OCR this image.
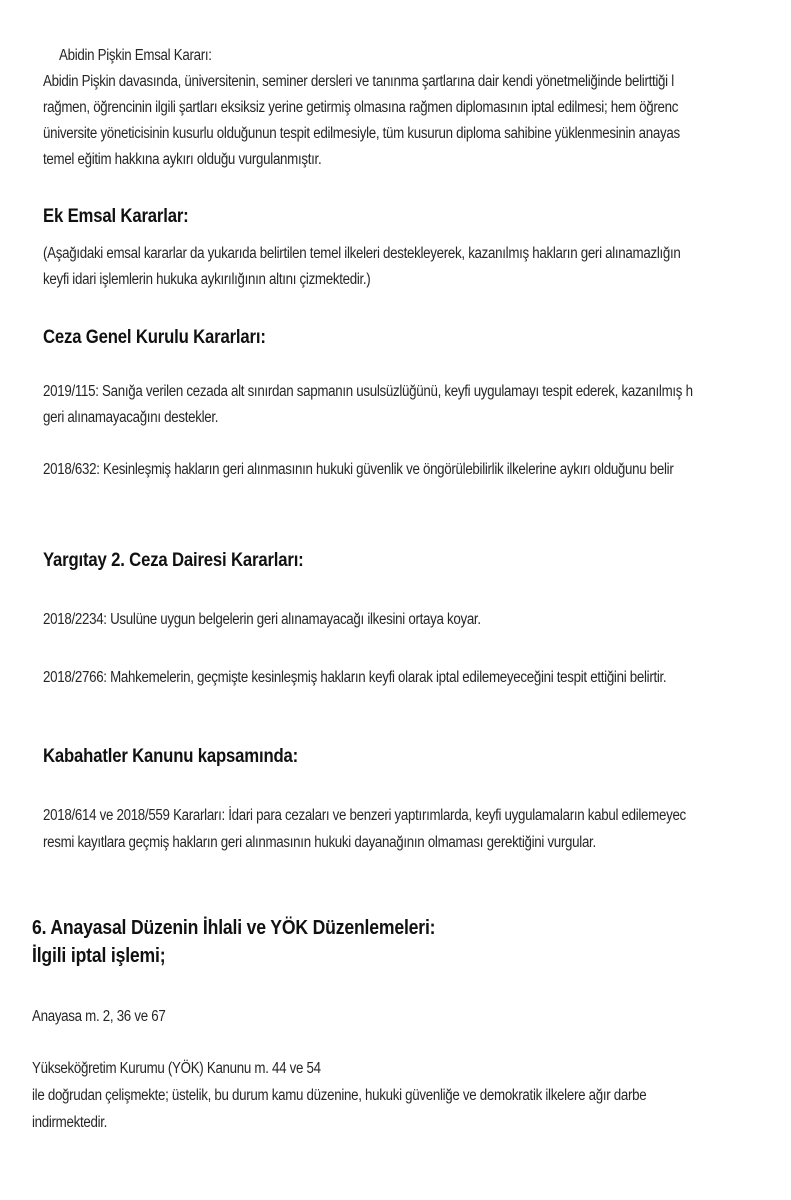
Abidin Pişkin Emsal Kararı:
Abidin Pişkin davasında, üniversitenin, seminer dersleri ve tanınma şartlarına dair kendi yönetmeliğinde belirttiği l
rağmen, öğrencinin ilgili şartları eksiksiz yerine getirmiş olmasına rağmen diplomasının iptal edilmesi; hem öğrenc
üniversite yöneticisinin kusurlu olduğunun tespit edilmesiyle, tüm kusurun diploma sahibine yüklenmesinin anayas
temel eğitim hakkına aykırı olduğu vurgulanmıştır.
Ek Emsal Kararlar:
(Aşağıdaki emsal kararlar da yukarıda belirtilen temel ilkeleri destekleyerek, kazanılmış hakların geri alınamazlığın
keyfi idari işlemlerin hukuka aykırılığının altını çizmektedir.)
Ceza Genel Kurulu Kararları:
2019/115: Sanığa verilen cezada alt sınırdan sapmanın usulsüzlüğünü, keyfi uygulamayı tespit ederek, kazanılmış h
geri alınamayacağını destekler.
2018/632: Kesinleşmiş hakların geri alınmasının hukuki güvenlik ve öngörülebilirlik ilkelerine aykırı olduğunu belir
Yargıtay 2. Ceza Dairesi Kararları:
2018/2234: Usulüne uygun belgelerin geri alınamayacağı ilkesini ortaya koyar.
2018/2766: Mahkemelerin, geçmişte kesinleşmiş hakların keyfi olarak iptal edilemeyeceğini tespit ettiğini belirtir.
Kabahatler Kanunu kapsamında:
2018/614 ve 2018/559 Kararları: İdari para cezaları ve benzeri yaptırımlarda, keyfi uygulamaların kabul edilemeyec
resmi kayıtlara geçmiş hakların geri alınmasının hukuki dayanağının olmaması gerektiğini vurgular.
6. Anayasal Düzenin İhlali ve YÖK Düzenlemeleri:
İlgili iptal işlemi;
Anayasa m. 2, 36 ve 67
Yükseköğretim Kurumu (YÖK) Kanunu m. 44 ve 54
ile doğrudan çelişmekte; üstelik, bu durum kamu düzenine, hukuki güvenliğe ve demokratik ilkelere ağır darbe
indirmektedir.
